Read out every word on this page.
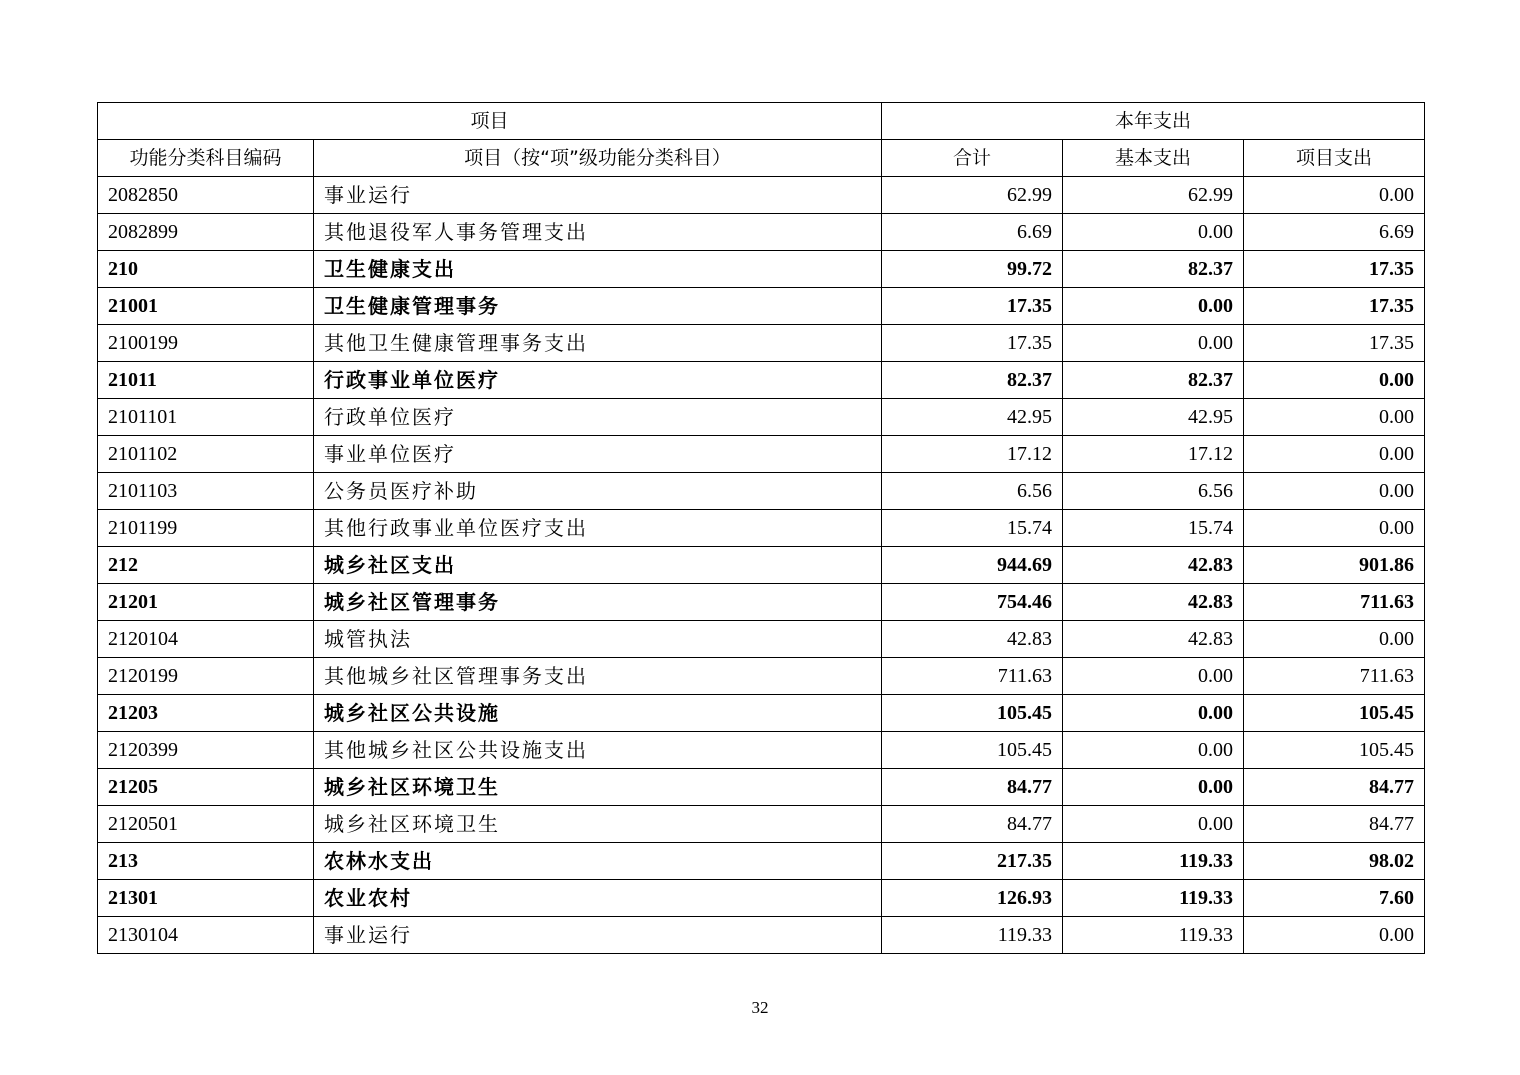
项目		本年支出		
功能分类科目编码	项目（按“项”级功能分类科目）	合计	基本支出	项目支出
2082850	事业运行	62.99	62.99	0.00
2082899	其他退役军人事务管理支出	6.69	0.00	6.69
210	卫生健康支出	99.72	82.37	17.35
21001	卫生健康管理事务	17.35	0.00	17.35
2100199	其他卫生健康管理事务支出	17.35	0.00	17.35
21011	行政事业单位医疗	82.37	82.37	0.00
2101101	行政单位医疗	42.95	42.95	0.00
2101102	事业单位医疗	17.12	17.12	0.00
2101103	公务员医疗补助	6.56	6.56	0.00
2101199	其他行政事业单位医疗支出	15.74	15.74	0.00
212	城乡社区支出	944.69	42.83	901.86
21201	城乡社区管理事务	754.46	42.83	711.63
2120104	城管执法	42.83	42.83	0.00
2120199	其他城乡社区管理事务支出	711.63	0.00	711.63
21203	城乡社区公共设施	105.45	0.00	105.45
2120399	其他城乡社区公共设施支出	105.45	0.00	105.45
21205	城乡社区环境卫生	84.77	0.00	84.77
2120501	城乡社区环境卫生	84.77	0.00	84.77
213	农林水支出	217.35	119.33	98.02
21301	农业农村	126.93	119.33	7.60
2130104	事业运行	119.33	119.33	0.00
32
